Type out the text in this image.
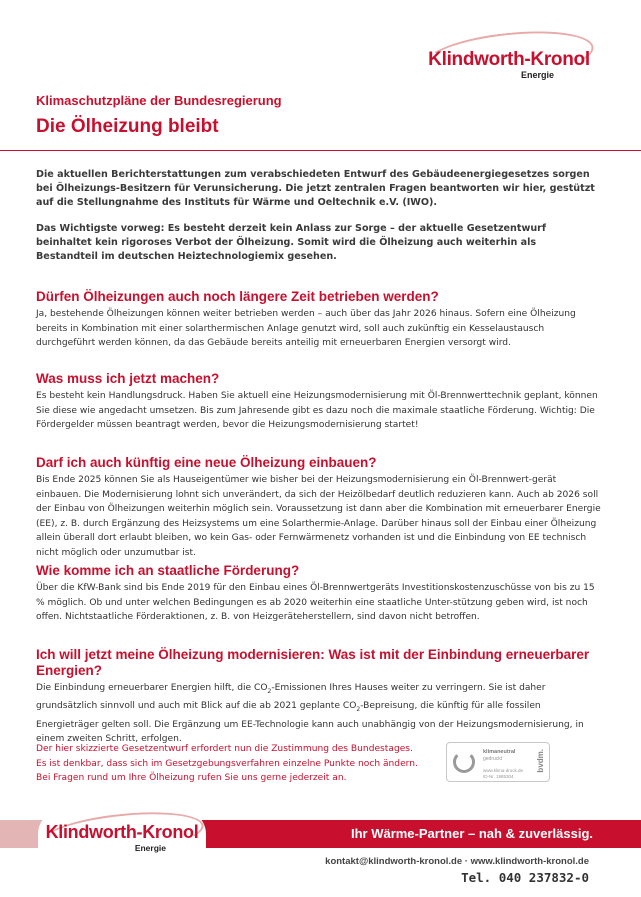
Klindworth-Kronol
Energie
Klimaschutzpläne der Bundesregierung
Die Ölheizung bleibt
Die aktuellen Berichterstattungen zum verabschiedeten Entwurf des Gebäudeenergiegesetzes sorgen bei Ölheizungs-Besitzern für Verunsicherung. Die jetzt zentralen Fragen beantworten wir hier, gestützt auf die Stellungnahme des Instituts für Wärme und Oeltechnik e.V. (IWO).
Das Wichtigste vorweg: Es besteht derzeit kein Anlass zur Sorge – der aktuelle Gesetzentwurf beinhaltet kein rigoroses Verbot der Ölheizung. Somit wird die Ölheizung auch weiterhin als Bestandteil im deutschen Heiztechnologiemix gesehen.
Dürfen Ölheizungen auch noch längere Zeit betrieben werden?

Ja, bestehende Ölheizungen können weiter betrieben werden – auch über das Jahr 2026 hinaus. Sofern eine Ölheizung bereits in Kombination mit einer solarthermischen Anlage genutzt wird, soll auch zukünftig ein Kesselaustausch durchgeführt werden können, da das Gebäude bereits anteilig mit erneuerbaren Energien versorgt wird.

Was muss ich jetzt machen?

Es besteht kein Handlungsdruck. Haben Sie aktuell eine Heizungsmodernisierung mit Öl-Brennwerttechnik geplant, können Sie diese wie angedacht umsetzen. Bis zum Jahresende gibt es dazu noch die maximale staatliche Förderung. Wichtig: Die Fördergelder müssen beantragt werden, bevor die Heizungsmodernisierung startet!

Darf ich auch künftig eine neue Ölheizung einbauen?

Bis Ende 2025 können Sie als Hauseigentümer wie bisher bei der Heizungsmodernisierung ein Öl-Brennwert-gerät einbauen. Die Modernisierung lohnt sich unverändert, da sich der Heizölbedarf deutlich reduzieren kann. Auch ab 2026 soll der Einbau von Ölheizungen weiterhin möglich sein. Voraussetzung ist dann aber die Kombination mit erneuerbarer Energie (EE), z. B. durch Ergänzung des Heizsystems um eine Solarthermie-Anlage. Darüber hinaus soll der Einbau einer Ölheizung allein überall dort erlaubt bleiben, wo kein Gas- oder Fernwärmenetz vorhanden ist und die Einbindung von EE technisch nicht möglich oder unzumutbar ist.

Wie komme ich an staatliche Förderung?

Über die KfW-Bank sind bis Ende 2019 für den Einbau eines Öl-Brennwertgeräts Investitionskostenzuschüsse von bis zu 15 % möglich. Ob und unter welchen Bedingungen es ab 2020 weiterhin eine staatliche Unter-stützung geben wird, ist noch offen. Nichtstaatliche Förderaktionen, z. B. von Heizgeräteherstellern, sind davon nicht betroffen.

Ich will jetzt meine Ölheizung modernisieren: Was ist mit der Einbindung erneuerbarer Energien?

Die Einbindung erneuerbarer Energien hilft, die $CO_2$-Emissionen Ihres Hauses weiter zu verringern. Sie ist daher grundsätzlich sinnvoll und auch mit Blick auf die ab 2021 geplante $CO_2$-Bepreisung, die künftig für alle fossilen Energieträger gelten soll. Die Ergänzung um EE-Technologie kann auch unabhängig von der Heizungsmodernisierung, in einem zweiten Schritt, erfolgen.

Der hier skizzierte Gesetzentwurf erfordert nun die Zustimmung des Bundestages.
Es ist denkbar, dass sich im Gesetzgebungsverfahren einzelne Punkte noch ändern.
Bei Fragen rund um Ihre Ölheizung rufen Sie uns gerne jederzeit an.
klimaneutral
gedruckt
www.klima-druck.de
ID-Nr. 1985304
bvdm.
Ihr Wärme-Partner – nah & zuverlässig.
Klindworth-Kronol
Energie
kontakt@klindworth-kronol.de · www.klindworth-kronol.de
Tel. 040 237832-0
